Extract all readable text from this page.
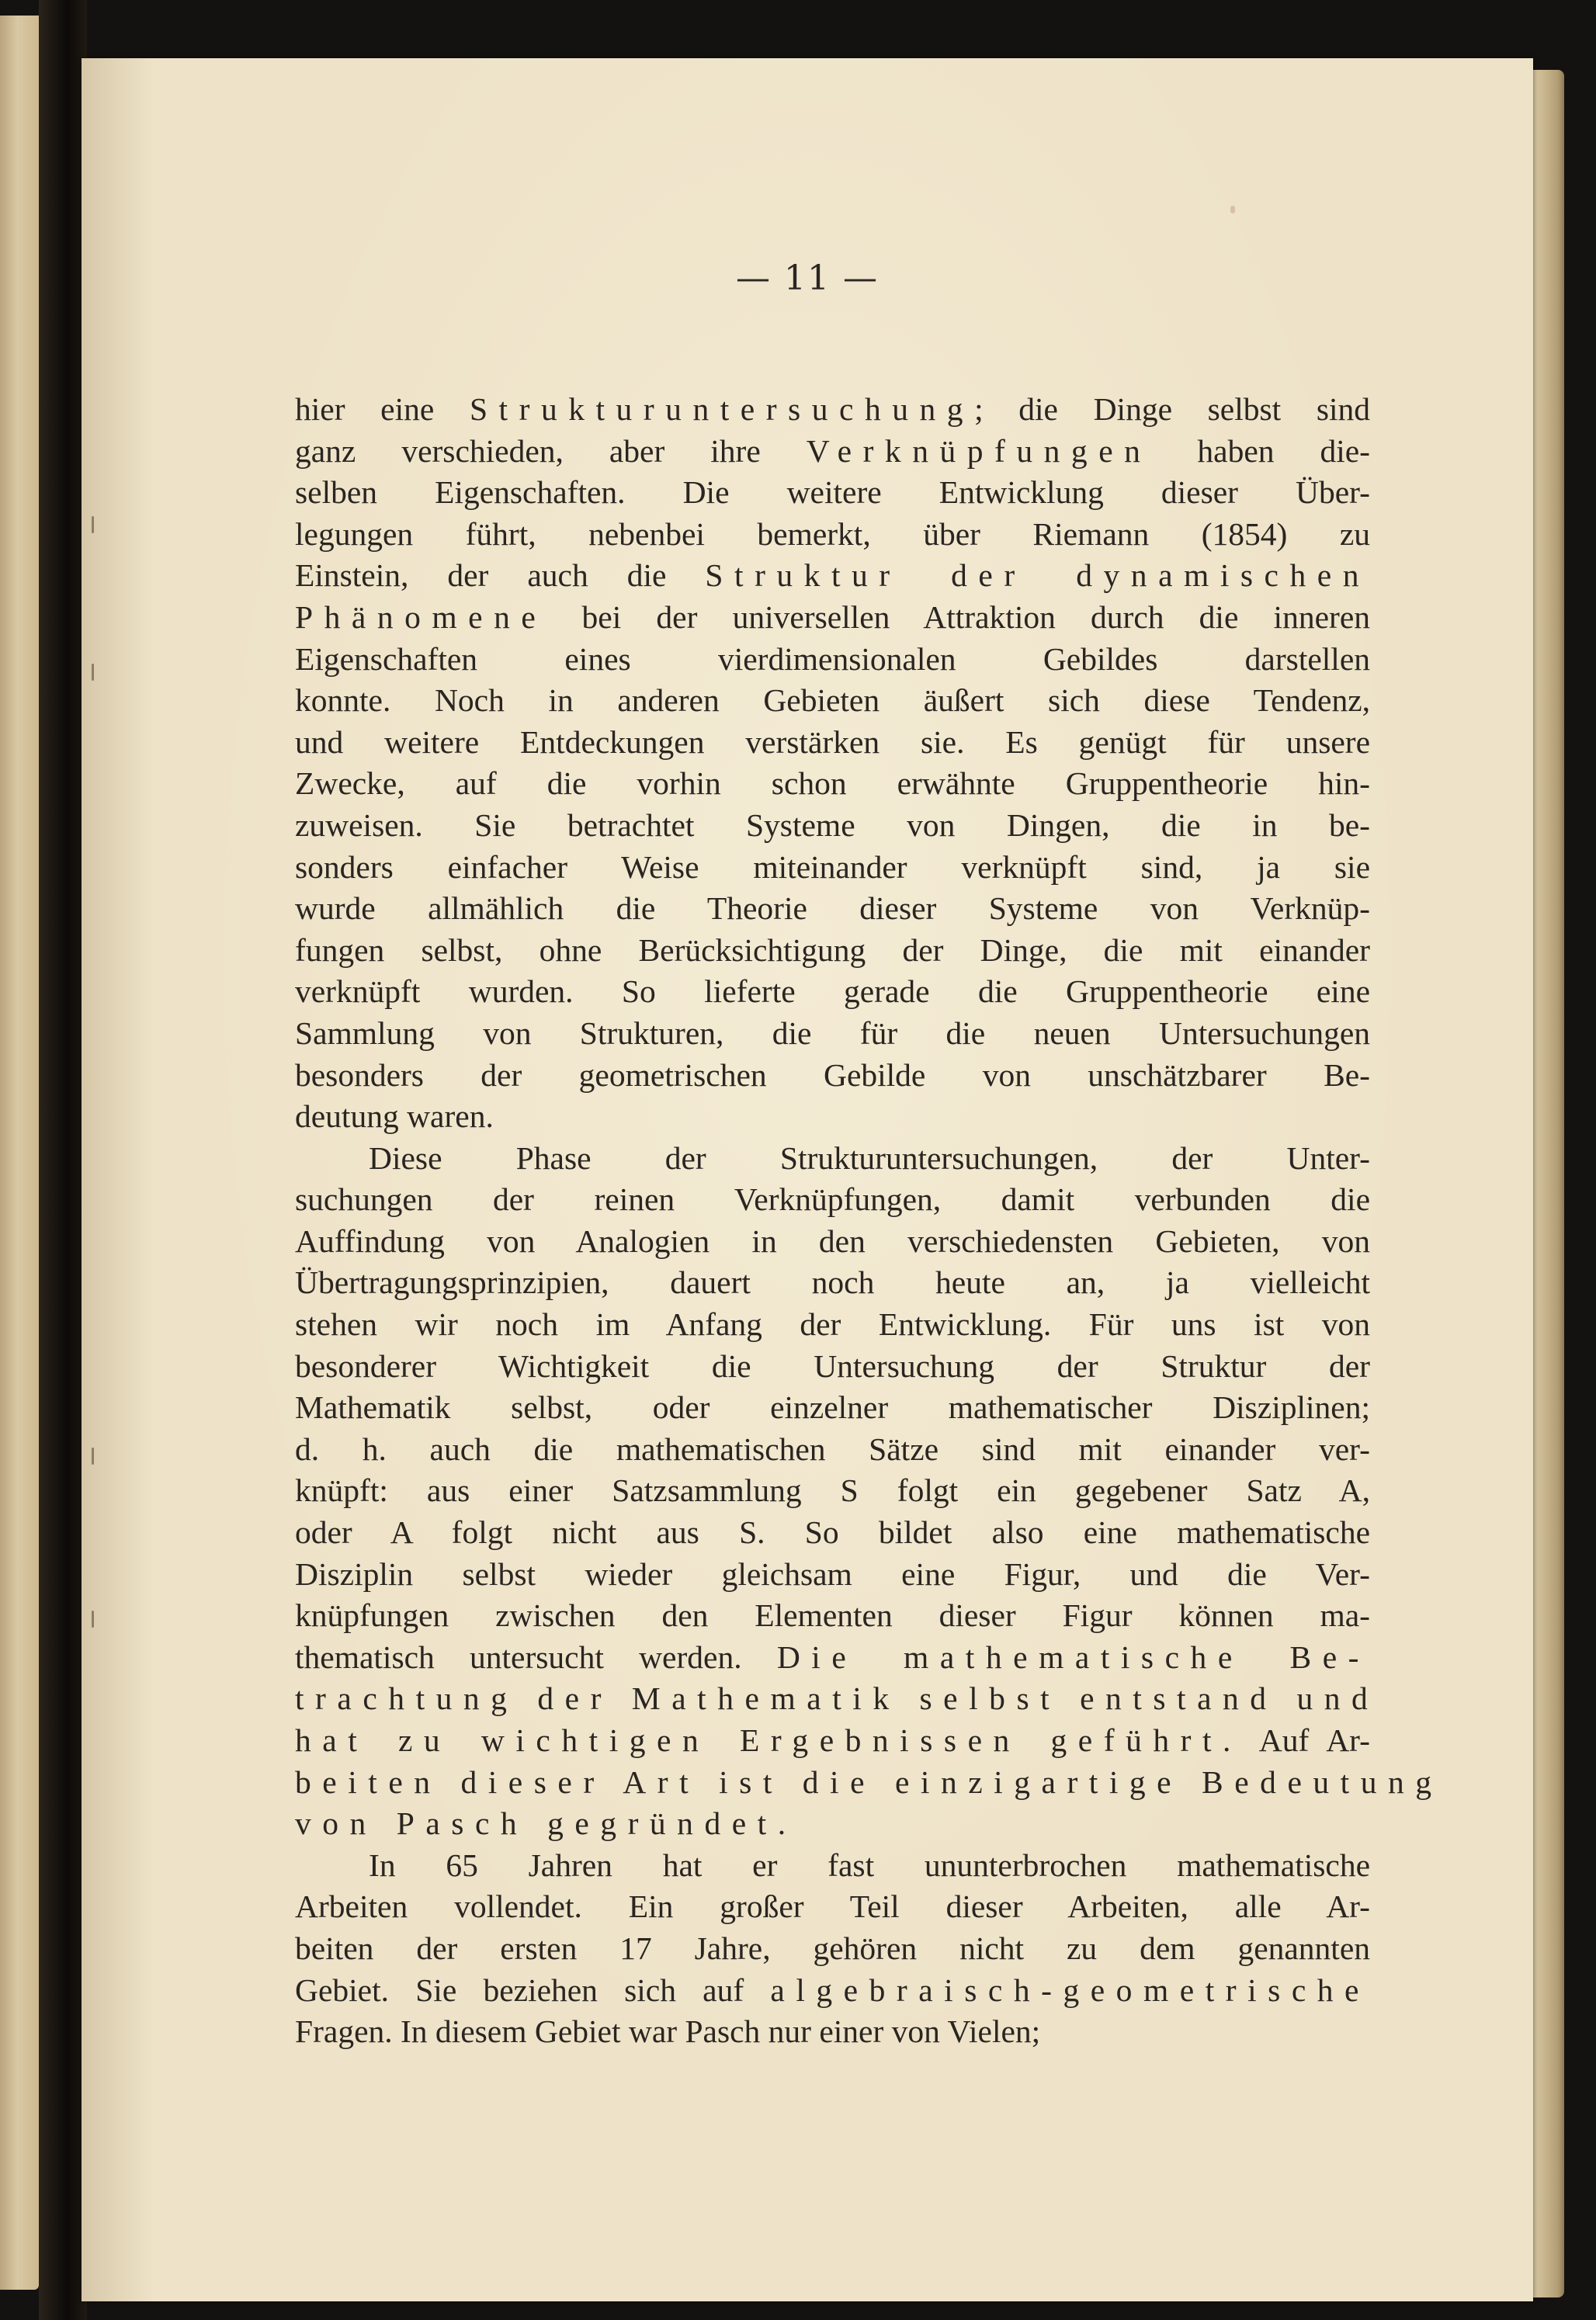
— 11 —
hier eine Strukturuntersuchung; die Dinge selbst sind
ganz verschieden, aber ihre Verknüpfungen haben die-
selben Eigenschaften. Die weitere Entwicklung dieser Über-
legungen führt, nebenbei bemerkt, über Riemann (1854) zu
Einstein, der auch die Struktur der dynamischen
Phänomene bei der universellen Attraktion durch die inneren
Eigenschaften eines vierdimensionalen Gebildes darstellen
konnte. Noch in anderen Gebieten äußert sich diese Tendenz,
und weitere Entdeckungen verstärken sie. Es genügt für unsere
Zwecke, auf die vorhin schon erwähnte Gruppentheorie hin-
zuweisen. Sie betrachtet Systeme von Dingen, die in be-
sonders einfacher Weise miteinander verknüpft sind, ja sie
wurde allmählich die Theorie dieser Systeme von Verknüp-
fungen selbst, ohne Berücksichtigung der Dinge, die mit einander
verknüpft wurden. So lieferte gerade die Gruppentheorie eine
Sammlung von Strukturen, die für die neuen Untersuchungen
besonders der geometrischen Gebilde von unschätzbarer Be-
deutung waren.
Diese Phase der Strukturuntersuchungen, der Unter-
suchungen der reinen Verknüpfungen, damit verbunden die
Auffindung von Analogien in den verschiedensten Gebieten, von
Übertragungsprinzipien, dauert noch heute an, ja vielleicht
stehen wir noch im Anfang der Entwicklung. Für uns ist von
besonderer Wichtigkeit die Untersuchung der Struktur der
Mathematik selbst, oder einzelner mathematischer Disziplinen;
d. h. auch die mathematischen Sätze sind mit einander ver-
knüpft: aus einer Satzsammlung S folgt ein gegebener Satz A,
oder A folgt nicht aus S. So bildet also eine mathematische
Disziplin selbst wieder gleichsam eine Figur, und die Ver-
knüpfungen zwischen den Elementen dieser Figur können ma-
thematisch untersucht werden. Die mathematische Be-
trachtung der Mathematik selbst entstand und
hat zu wichtigen Ergebnissen geführt. Auf Ar-
beiten dieser Art ist die einzigartige Bedeutung
von Pasch gegründet.
In 65 Jahren hat er fast ununterbrochen mathematische
Arbeiten vollendet. Ein großer Teil dieser Arbeiten, alle Ar-
beiten der ersten 17 Jahre, gehören nicht zu dem genannten
Gebiet. Sie beziehen sich auf algebraisch-geometrische
Fragen. In diesem Gebiet war Pasch nur einer von Vielen;
